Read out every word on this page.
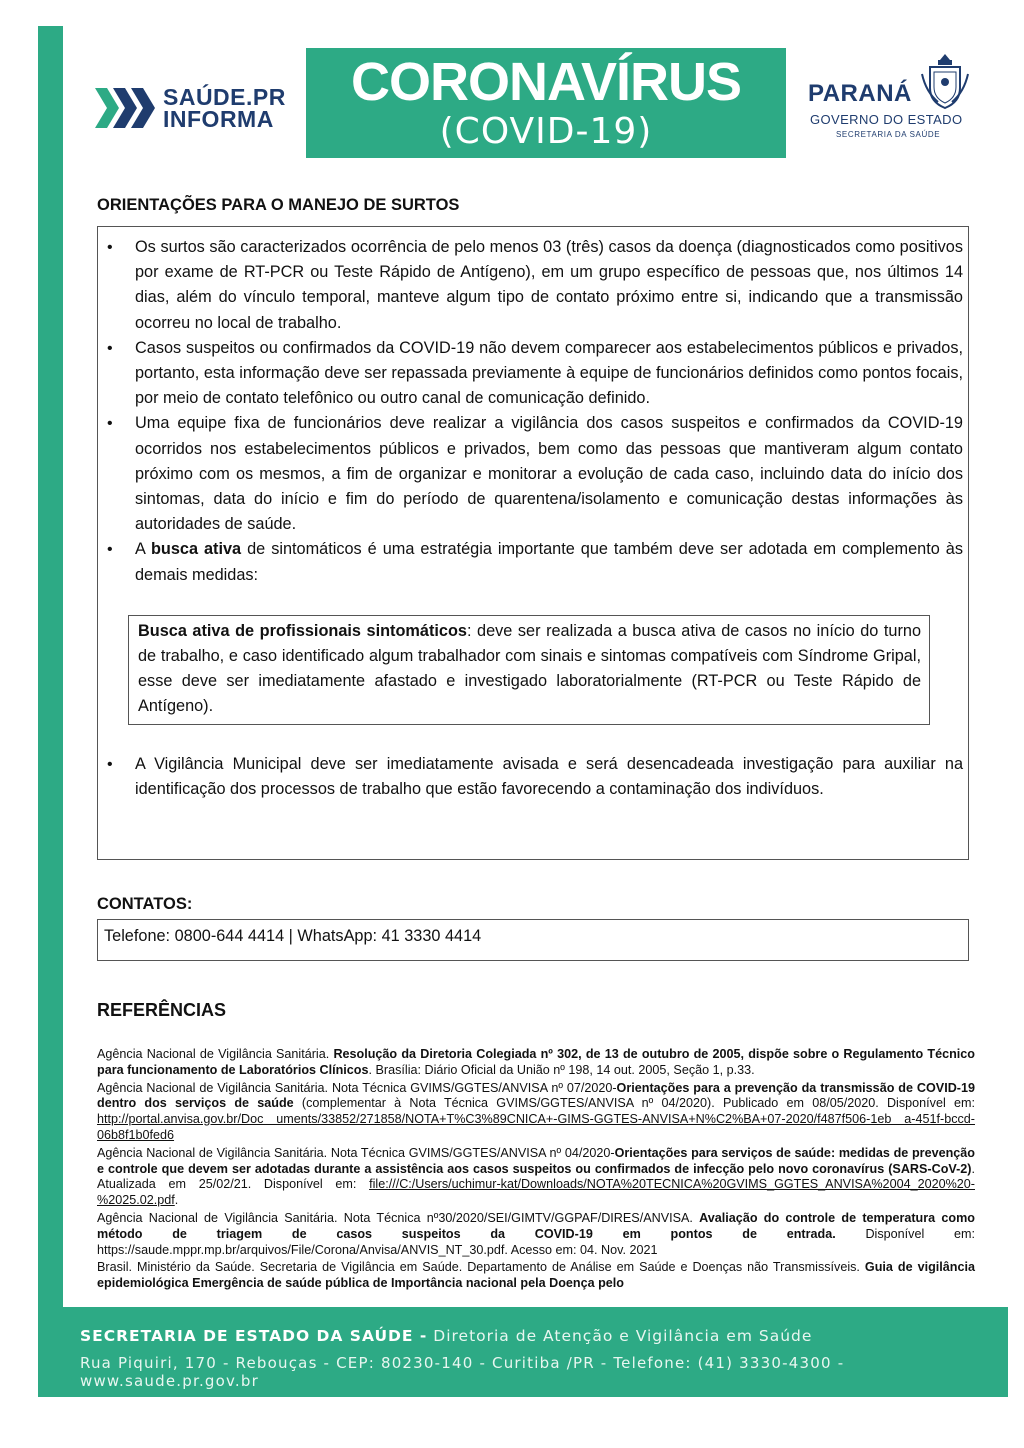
SAÚDE.PR
INFORMA
CORONAVÍRUS
(COVID-19)
PARANÁ
GOVERNO DO ESTADO
SECRETARIA DA SAÚDE
ORIENTAÇÕES PARA O MANEJO DE SURTOS
• Os surtos são caracterizados ocorrência de pelo menos 03 (três) casos da doença (diagnosticados como positivos por exame de RT-PCR ou Teste Rápido de Antígeno), em um grupo específico de pessoas que, nos últimos 14 dias, além do vínculo temporal, manteve algum tipo de contato próximo entre si, indicando que a transmissão ocorreu no local de trabalho.
• Casos suspeitos ou confirmados da COVID-19 não devem comparecer aos estabelecimentos públicos e privados, portanto, esta informação deve ser repassada previamente à equipe de funcionários definidos como pontos focais, por meio de contato telefônico ou outro canal de comunicação definido.
• Uma equipe fixa de funcionários deve realizar a vigilância dos casos suspeitos e confirmados da COVID-19 ocorridos nos estabelecimentos públicos e privados, bem como das pessoas que mantiveram algum contato próximo com os mesmos, a fim de organizar e monitorar a evolução de cada caso, incluindo data do início dos sintomas, data do início e fim do período de quarentena/isolamento e comunicação destas informações às autoridades de saúde.
• A busca ativa de sintomáticos é uma estratégia importante que também deve ser adotada em complemento às demais medidas:
Busca ativa de profissionais sintomáticos: deve ser realizada a busca ativa de casos no início do turno de trabalho, e caso identificado algum trabalhador com sinais e sintomas compatíveis com Síndrome Gripal, esse deve ser imediatamente afastado e investigado laboratorialmente (RT-PCR ou Teste Rápido de Antígeno).
• A Vigilância Municipal deve ser imediatamente avisada e será desencadeada investigação para auxiliar na identificação dos processos de trabalho que estão favorecendo a contaminação dos indivíduos.
CONTATOS:
Telefone: 0800-644 4414 | WhatsApp: 41 3330 4414
REFERÊNCIAS

Agência Nacional de Vigilância Sanitária. Resolução da Diretoria Colegiada nº 302, de 13 de outubro de 2005, dispõe sobre o Regulamento Técnico para funcionamento de Laboratórios Clínicos. Brasília: Diário Oficial da União nº 198, 14 out. 2005, Seção 1, p.33.

Agência Nacional de Vigilância Sanitária. Nota Técnica GVIMS/GGTES/ANVISA nº 07/2020-Orientações para a prevenção da transmissão de COVID-19 dentro dos serviços de saúde (complementar à Nota Técnica GVIMS/GGTES/ANVISA nº 04/2020). Publicado em 08/05/2020. Disponível em: http://portal.anvisa.gov.br/Doc uments/33852/271858/NOTA+T%C3%89CNICA+-GIMS-GGTES-ANVISA+N%C2%BA+07-2020/f487f506-1eb a-451f-bccd-06b8f1b0fed6

Agência Nacional de Vigilância Sanitária. Nota Técnica GVIMS/GGTES/ANVISA nº 04/2020-Orientações para serviços de saúde: medidas de prevenção e controle que devem ser adotadas durante a assistência aos casos suspeitos ou confirmados de infecção pelo novo coronavírus (SARS-CoV-2). Atualizada em 25/02/21. Disponível em: file:///C:/Users/uchimur-kat/Downloads/NOTA%20TECNICA%20GVIMS_GGTES_ANVISA%2004_2020%20-%2025.02.pdf.

Agência Nacional de Vigilância Sanitária. Nota Técnica nº30/2020/SEI/GIMTV/GGPAF/DIRES/ANVISA. Avaliação do controle de temperatura como método de triagem de casos suspeitos da COVID-19 em pontos de entrada. Disponível em: https://saude.mppr.mp.br/arquivos/File/Corona/Anvisa/ANVIS_NT_30.pdf. Acesso em: 04. Nov. 2021

Brasil. Ministério da Saúde. Secretaria de Vigilância em Saúde. Departamento de Análise em Saúde e Doenças não Transmissíveis. Guia de vigilância epidemiológica Emergência de saúde pública de Importância nacional pela Doença pelo

SECRETARIA DE ESTADO DA SAÚDE - Diretoria de Atenção e Vigilância em Saúde
Rua Piquiri, 170 - Rebouças - CEP: 80230-140 - Curitiba /PR - Telefone: (41) 3330-4300 - www.saude.pr.gov.br
